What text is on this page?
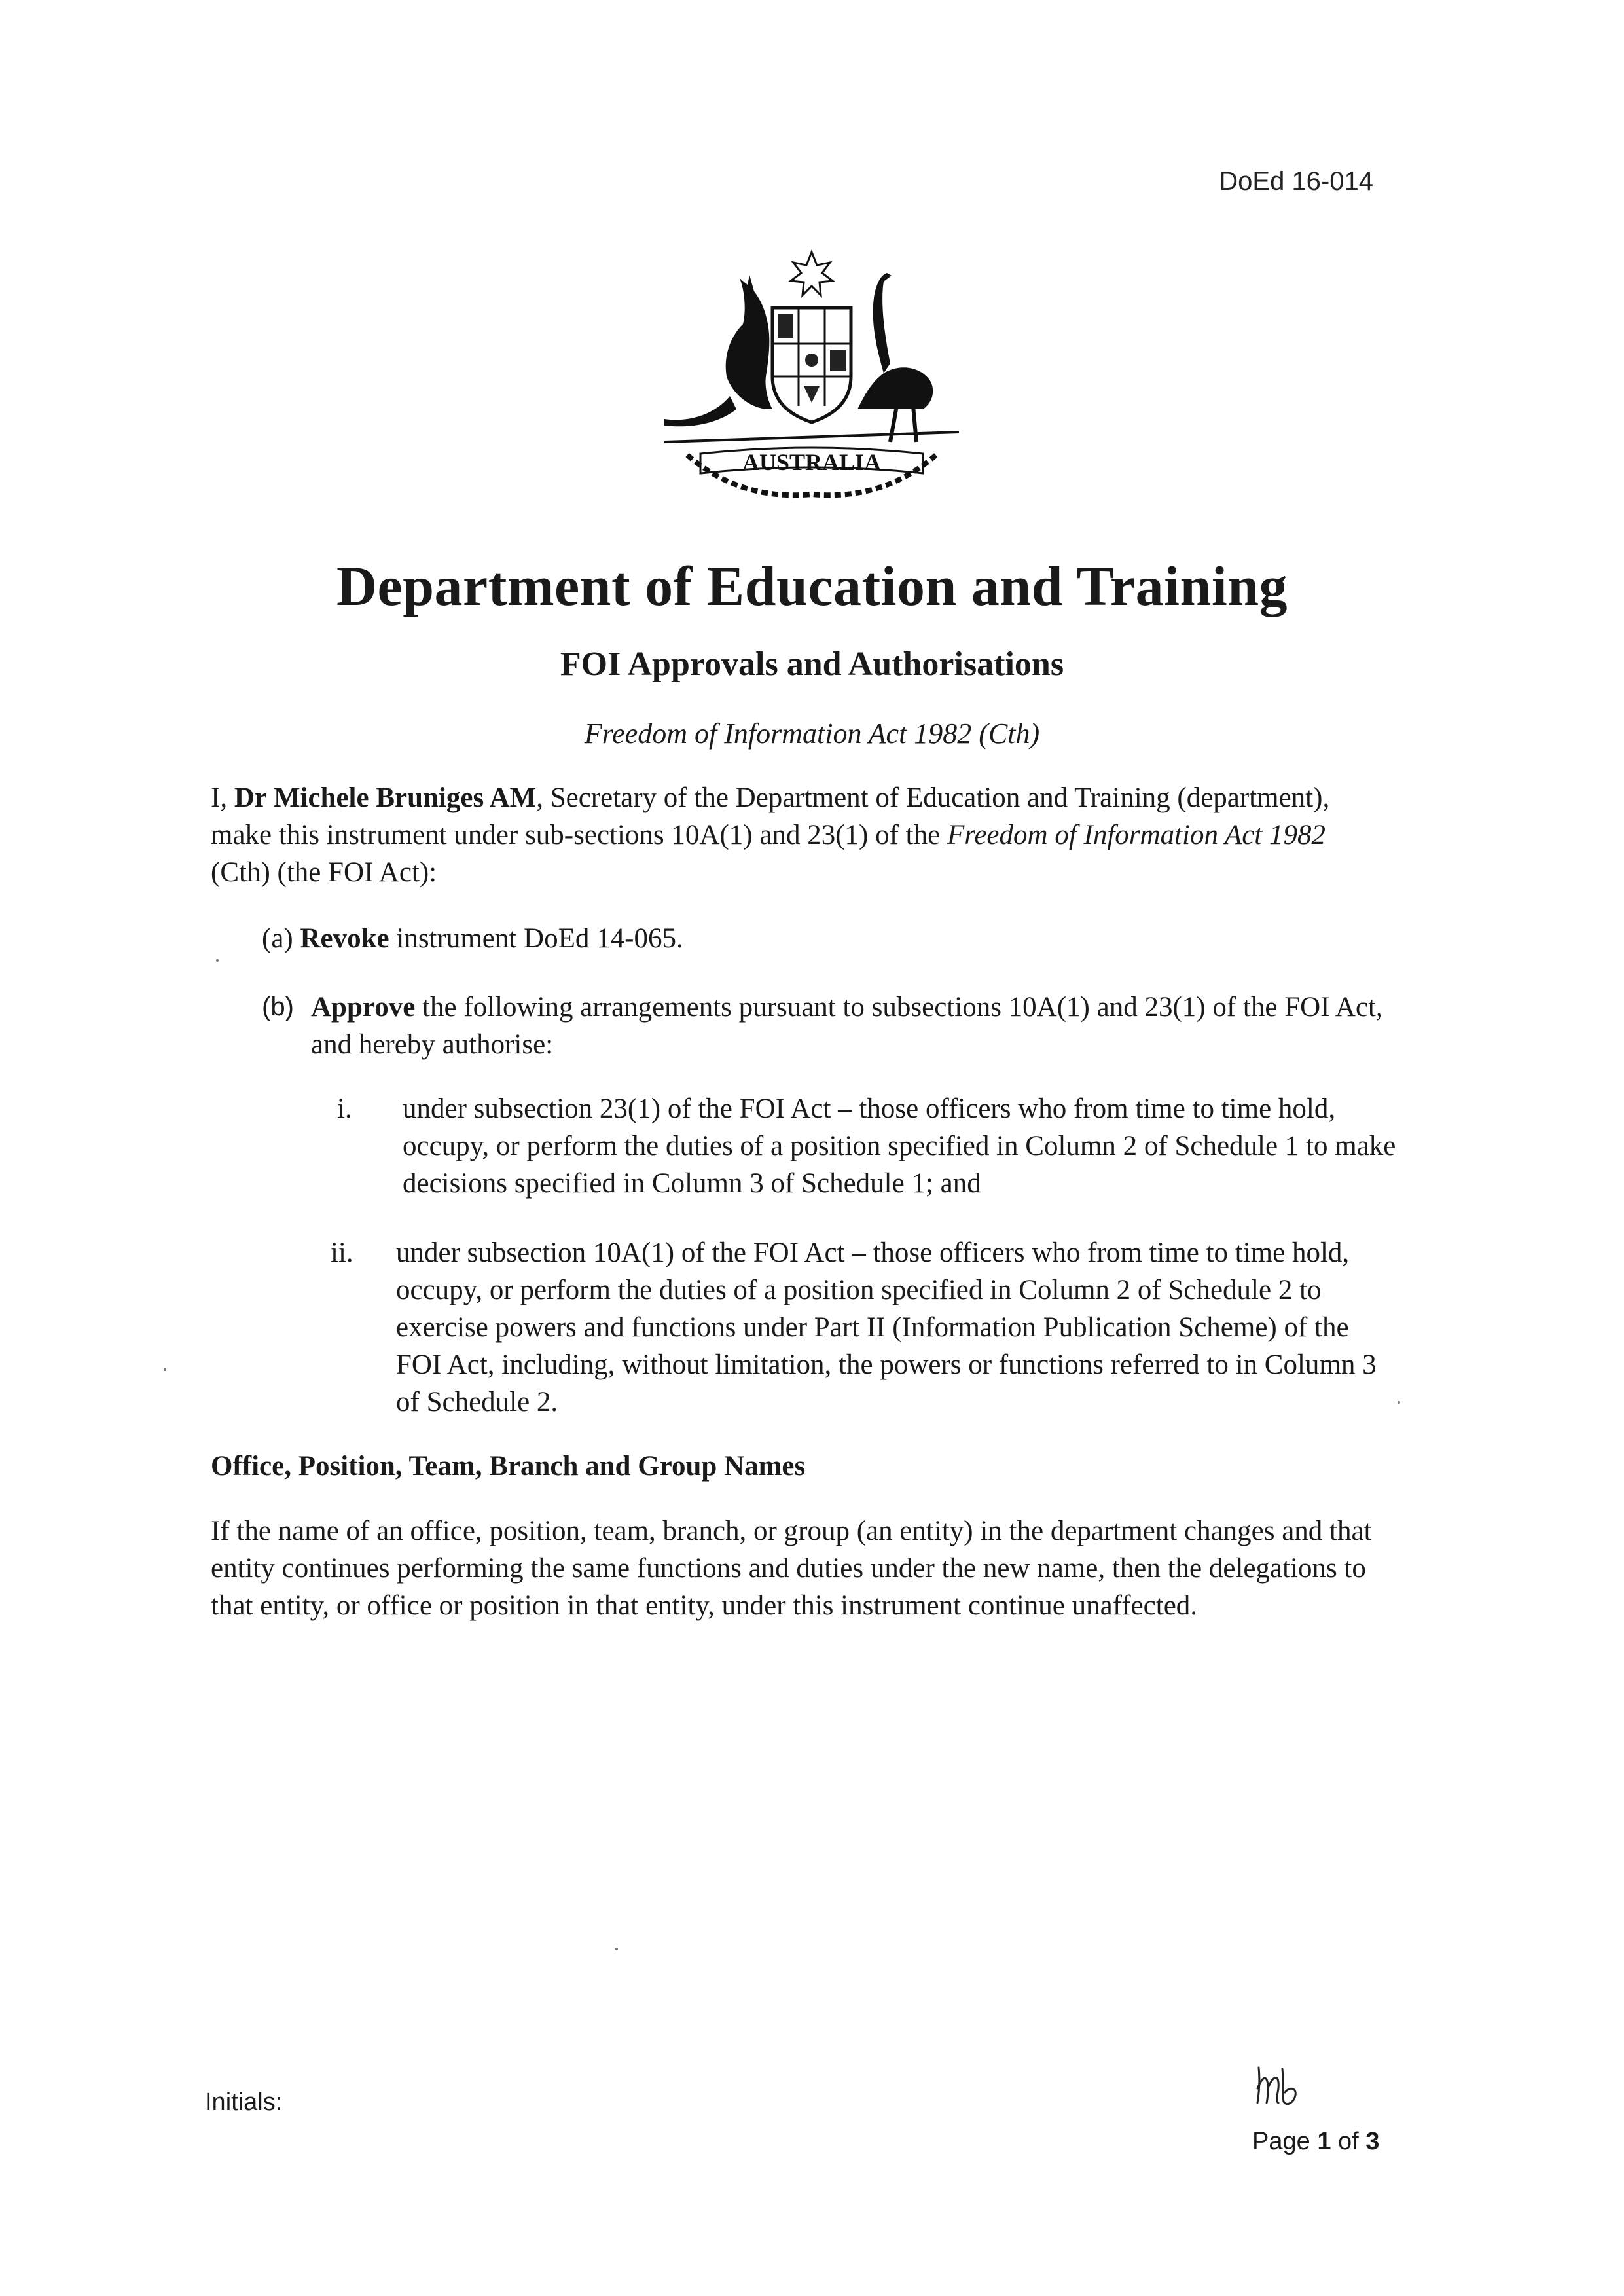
DoEd 16-014
AUSTRALIA
Department of Education and Training
FOI Approvals and Authorisations
Freedom of Information Act 1982 (Cth)
I, Dr Michele Bruniges AM, Secretary of the Department of Education and Training (department), make this instrument under sub-sections 10A(1) and 23(1) of the Freedom of Information Act 1982 (Cth) (the FOI Act):
(a) Revoke instrument DoEd 14-065.
(b) Approve the following arrangements pursuant to subsections 10A(1) and 23(1) of the FOI Act, and hereby authorise:
i. under subsection 23(1) of the FOI Act – those officers who from time to time hold, occupy, or perform the duties of a position specified in Column 2 of Schedule 1 to make decisions specified in Column 3 of Schedule 1; and
ii. under subsection 10A(1) of the FOI Act – those officers who from time to time hold, occupy, or perform the duties of a position specified in Column 2 of Schedule 2 to exercise powers and functions under Part II (Information Publication Scheme) of the FOI Act, including, without limitation, the powers or functions referred to in Column 3 of Schedule 2.
Office, Position, Team, Branch and Group Names
If the name of an office, position, team, branch, or group (an entity) in the department changes and that entity continues performing the same functions and duties under the new name, then the delegations to that entity, or office or position in that entity, under this instrument continue unaffected.
Initials:
Page 1 of 3
